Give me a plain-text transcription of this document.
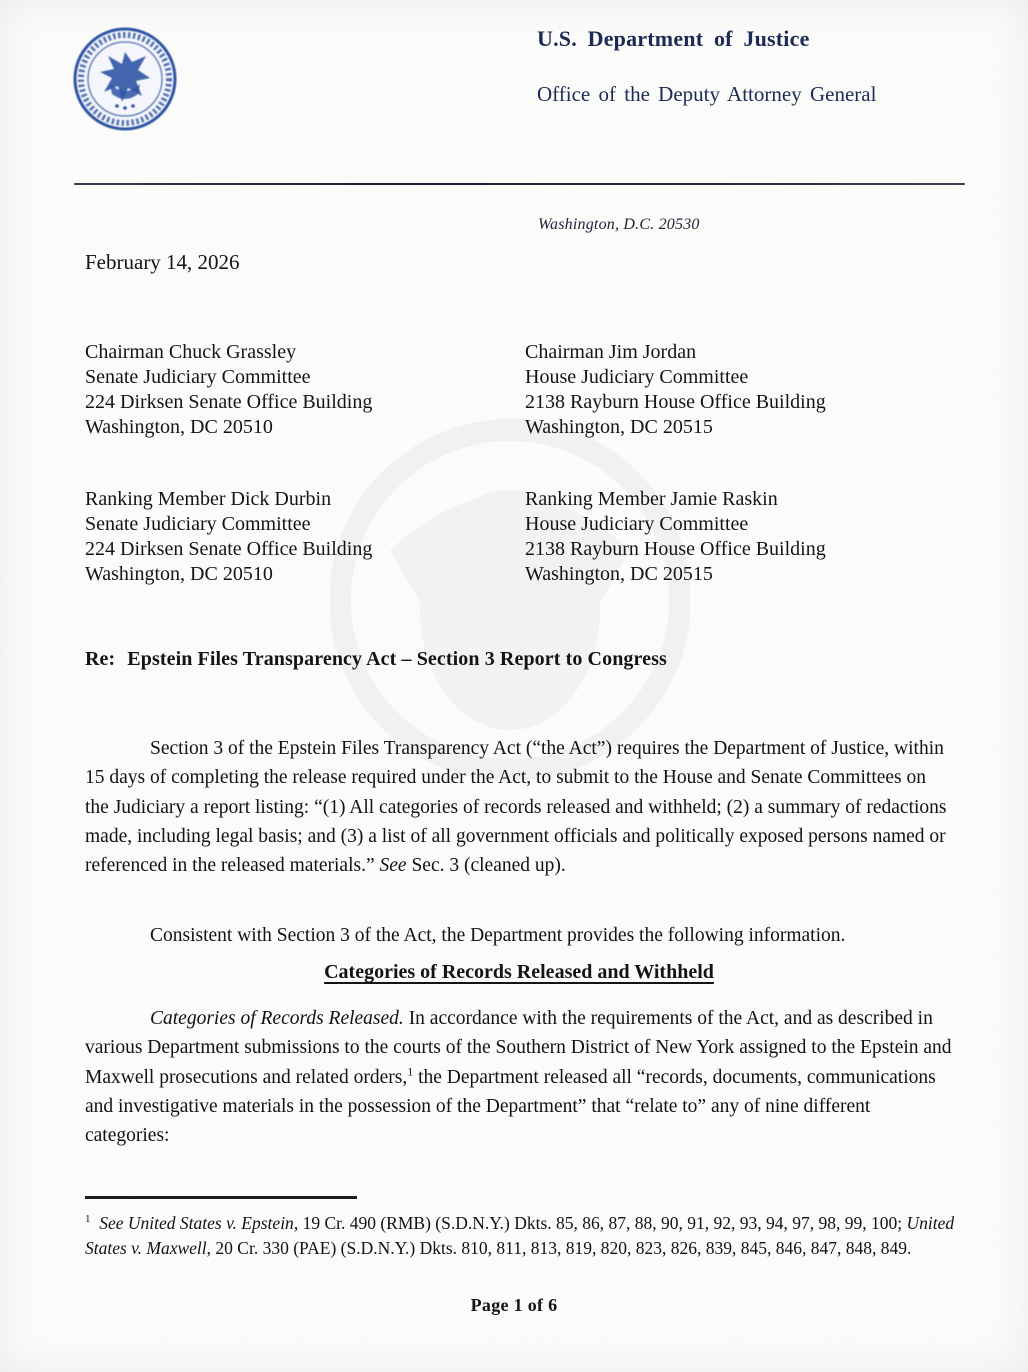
U.S. Department of Justice
Office of the Deputy Attorney General
Washington, D.C. 20530
February 14, 2026
Chairman Chuck Grassley
Senate Judiciary Committee
224 Dirksen Senate Office Building
Washington, DC 20510
Chairman Jim Jordan
House Judiciary Committee
2138 Rayburn House Office Building
Washington, DC 20515
Ranking Member Dick Durbin
Senate Judiciary Committee
224 Dirksen Senate Office Building
Washington, DC 20510
Ranking Member Jamie Raskin
House Judiciary Committee
2138 Rayburn House Office Building
Washington, DC 20515
Re: Epstein Files Transparency Act – Section 3 Report to Congress

Section 3 of the Epstein Files Transparency Act (“the Act”) requires the Department of Justice, within 15 days of completing the release required under the Act, to submit to the House and Senate Committees on the Judiciary a report listing: “(1) All categories of records released and withheld; (2) a summary of redactions made, including legal basis; and (3) a list of all government officials and politically exposed persons named or referenced in the released materials.” See Sec. 3 (cleaned up).

Consistent with Section 3 of the Act, the Department provides the following information.

Categories of Records Released and Withheld

Categories of Records Released. In accordance with the requirements of the Act, and as described in various Department submissions to the courts of the Southern District of New York assigned to the Epstein and Maxwell prosecutions and related orders,$^1$ the Department released all “records, documents, communications and investigative materials in the possession of the Department” that “relate to” any of nine different categories:

$^1$ See United States v. Epstein, 19 Cr. 490 (RMB) (S.D.N.Y.) Dkts. 85, 86, 87, 88, 90, 91, 92, 93, 94, 97, 98, 99, 100; United States v. Maxwell, 20 Cr. 330 (PAE) (S.D.N.Y.) Dkts. 810, 811, 813, 819, 820, 823, 826, 839, 845, 846, 847, 848, 849.
Page 1 of 6
